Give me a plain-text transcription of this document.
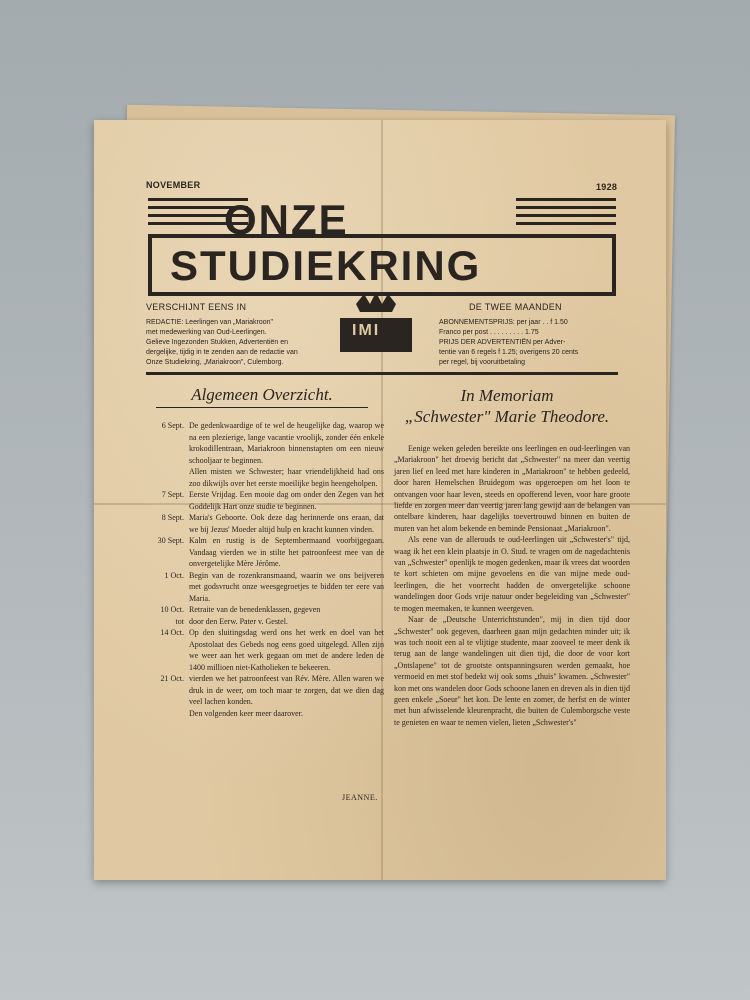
NOVEMBER	1928
ONZE
STUDIEKRING
VERSCHIJNT EENS IN	DE TWEE MAANDEN
IMI
REDACTIE: Leerlingen van „Mariakroon"
met medewerking van Oud-Leerlingen.
Gelieve Ingezonden Stukken, Advertentiën en
dergelijke, tijdig in te zenden aan de redactie van
Onze Studiekring, „Mariakroon", Culemborg.
ABONNEMENTSPRIJS: per jaar . . f 1.50
Franco per post . . . . . . . . . 1.75
PRIJS DER ADVERTENTIËN per Adver-
tentie van 6 regels f 1.25; overigens 20 cents
per regel, bij vooruitbetaling
Algemeen Overzicht.	In Memoriam
„Schwester" Marie Theodore.
6 Sept. De gedenkwaardige of te wel de heugelijke dag, waarop we na een plezierige, lange vacantie vroolijk, zonder één enkele krokodillentraan, Mariakroon binnenstapten om een nieuw schooljaar te beginnen.
Allen misten we Schwester; haar vriendelijkheid had ons zoo dikwijls over het eerste moeilijke begin heengeholpen.
7 Sept. Eerste Vrijdag. Een mooie dag om onder den Zegen van het Goddelijk Hart onze studie te beginnen.
8 Sept. Maria's Geboorte. Ook deze dag herinnerde ons eraan, dat we bij Jezus' Moeder altijd hulp en kracht kunnen vinden.
30 Sept. Kalm en rustig is de Septembermaand voorbijgegaan. Vandaag vierden we in stilte het patroonfeest mee van de onvergetelijke Mère Jérôme.
1 Oct. Begin van de rozenkransmaand, waarin we ons beijveren met godsvrucht onze weesgegroetjes te bidden ter eere van Maria.
10 Oct. Retraite van de benedenklassen, gegeven
tot door den Eerw. Pater v. Gestel.
14 Oct. Op den sluitingsdag werd ons het werk en doel van het Apostolaat des Gebeds nog eens goed uitgelegd. Allen zijn we weer aan het werk gegaan om met de andere leden de 1400 millioen niet-Katholieken te bekeeren.
21 Oct. vierden we het patroonfeest van Rév. Mère. Allen waren we druk in de weer, om toch maar te zorgen, dat we dien dag veel lachen konden.
Den volgenden keer meer daarover.
JEANNE.

Eenige weken geleden bereikte ons leerlingen en oud-leerlingen van „Mariakroon" het droevig bericht dat „Schwester" na meer dan veertig jaren lief en leed met hare kinderen in „Mariakroon" te hebben gedeeld, door haren Hemelschen Bruidegom was opgeroepen om het loon te ontvangen voor haar leven, steeds en opofferend leven, voor hare groote liefde en zorgen meer dan veertig jaren lang gewijd aan de belangen van ontelbare kinderen, haar dagelijks toevertrouwd binnen en buiten de muren van het alom bekende en beminde Pensionaat „Mariakroon".

Als eene van de allerouds te oud-leerlingen uit „Schwester's" tijd, waag ik het een klein plaatsje in O. Stud. te vragen om de nagedachtenis van „Schwester" openlijk te mogen gedenken, maar ik vrees dat woorden te kort schieten om mijne gevoelens en die van mijne mede oud-leerlingen, die het voorrecht hadden de onvergetelijke schoone wandelingen door Gods vrije natuur onder begeleiding van „Schwester" te mogen meemaken, te kunnen weergeven.

Naar de „Deutsche Unterrichtstunden", mij in dien tijd door „Schwester" ook gegeven, daarheen gaan mijn gedachten minder uit; ik was toch nooit een al te vlijtige studente, maar zooveel te meer denk ik terug aan de lange wandelingen uit dien tijd, die door de voor kort „Ontslapene" tot de grootste ontspanningsuren werden gemaakt, hoe vermoeid en met stof bedekt wij ook soms „thuis" kwamen. „Schwester" kon met ons wandelen door Gods schoone lanen en dreven als in dien tijd geen enkele „Soeur" het kon. De lente en zomer, de herfst en de winter met hun afwisselende kleurenpracht, die buiten de Culemborgsche veste te genieten en waar te nemen vielen, lieten „Schwester's"
